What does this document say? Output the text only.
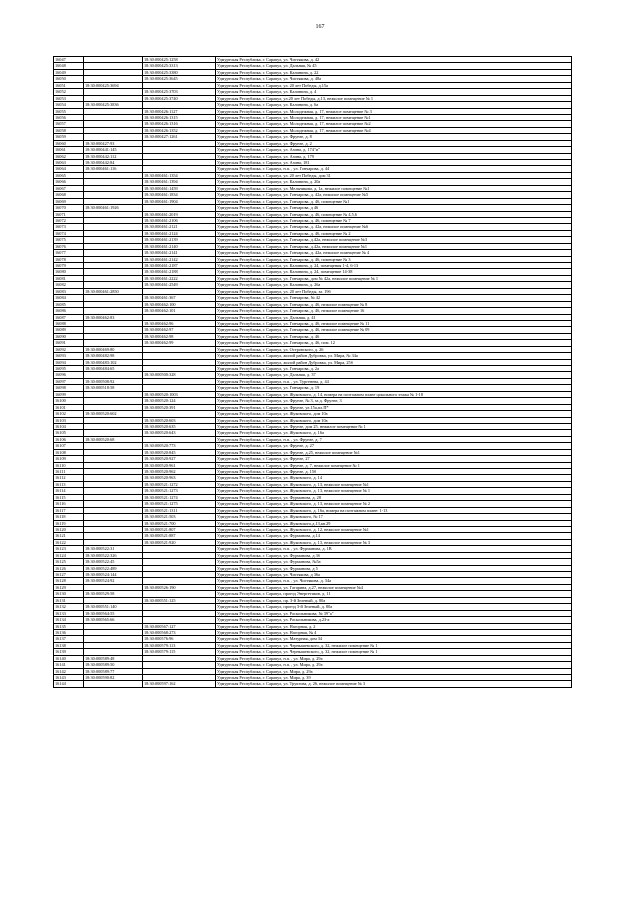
167
16047		18:30:000425:1258	Удмуртская Республика, г. Сарапул, ул. Чистякова, д. 42
16048		18:30:000425:3313	Удмуртская Республика, г. Сарапул, ул. Дальняя, № 45
16049		18:30:000425:3380	Удмуртская Республика, г. Сарапул, ул. Калинина, д. 22
16050		18:30:000425:3645	Удмуртская Республика, г. Сарапул, ул. Чистякова, д. 48а
16051	18:30:000425:3694		Удмуртская Республика, г. Сарапул, ул. 20 лет Победы, д.15а
16052		18:30:000425:3703	Удмуртская Республика, г. Сарапул, ул. Калинина, д. 4
16053		18:30:000425:3740	Удмуртская Республика, г. Сарапул, ул.20 лет Победы, д.13, нежилое помещение № 1
16054	18:30:000425:3836		Удмуртская Республика, г. Сарапул, ул. Калинина, д. 6а
16055		18:30:000426:1127	Удмуртская Республика, г. Сарапул, ул. Молодежная, д. 17, нежилое помещение № 3
16056		18:30:000426:1315	Удмуртская Республика, г. Сарапул, ул. Молодежная, д. 17, нежилое помещение №1
16057		18:30:000426:1316	Удмуртская Республика, г. Сарапул, ул. Молодежная, д. 17, нежилое помещение №2
16058		18:30:000426:1352	Удмуртская Республика, г. Сарапул, ул. Молодежная, д. 17, нежилое помещение №4
16059		18:30:000427:1261	Удмуртская Республика, г. Сарапул, ул. Фрунзе, д. 8
16060	18:30:000427:93		Удмуртская Республика, г. Сарапул, ул. Фрунзе, д. 2
16061	18:30:000441:145		Удмуртская Республика, г. Сарапул, ул. Азина, д. 174"и"
16062	18:30:000442:112		Удмуртская Республика, г. Сарапул, ул. Азина, д. 179
16063	18:30:000442:84		Удмуртская Республика, г. Сарапул, ул. Азина, 181
16064	18:30:000461:116		Удмуртская Республика, г. Сарапул, н.п. , ул. Гончарова, д. 44
16065		18:30:000461:1354	Удмуртская Республика, г. Сарапул, ул. 20 лет Победы, дом 31
16066		18:30:000461:1394	Удмуртская Республика, г. Сарапул, ул. Калинина, д. 20а
16067		18:30:000461:1459	Удмуртская Республика, г. Сарапул, ул. Мельникова, д. 1а, нежилое помещение №1
16068		18:30:000461:1834	Удмуртская Республика, г. Сарапул, ул. Гончарова, д. 42а, нежилое помещение №5
16069		18:30:000461:1904	Удмуртская Республика, г. Сарапул, ул. Гончарова, д. 46, помещение №1
16070	18:30:000461:1926		Удмуртская Республика, г. Сарапул, ул. Гончарова, д 46
16071		18:30:000461:2019	Удмуртская Республика, г. Сарапул, ул. Гончарова, д. 46, помещение № 4,5,6
16072		18:30:000461:2106	Удмуртская Республика, г. Сарапул, ул. Гончарова, д. 46, помещение № 7
16073		18:30:000461:2121	Удмуртская Республика, г. Сарапул, ул. Гончарова, д. 42а, нежилое помещение №6
16074		18:30:000461:2124	Удмуртская Республика, г. Сарапул, ул. Гончарова, д. 46, помещение № 2
16075		18:30:000461:2139	Удмуртская Республика, г. Сарапул, ул. Гончарова, д.42а, нежилое помещение №3
16076		18:30:000461:2140	Удмуртская Республика, г. Сарапул, ул. Гончарова, д.42а, нежилое помещение №1
16077		18:30:000461:2141	Удмуртская Республика, г. Сарапул, ул. Гончарова, д. 42а, нежилое помещение № 4
16078		18:30:000461:2142	Удмуртская Республика, г. Сарапул, ул. Гончарова, д. 46, помещение № 3
16079		18:30:000461:2187	Удмуртская Республика, г. Сарапул, ул. Калинина, д. 24, помещения 1-4, 6-13
16080		18:30:000461:2188	Удмуртская Республика, г. Сарапул, ул. Калинина, д. 24, помещение 14-38
16081		18:30:000461:2222	Удмуртская Республика, г. Сарапул, ул. Гончарова, дом № 42а, нежилое помещение № 1
16082		18:30:000461:2549	Удмуртская Республика, г. Сарапул, ул. Калинина, д. 26а
16083	18:30:000461:2850		Удмуртская Республика, г. Сарапул, ул. 20 лет Победы, за. 19б
16084		18:30:000461:367	Удмуртская Республика, г. Сарапул, ул. Гончарова, № 42
16085		18:30:000462:100	Удмуртская Республика, г. Сарапул, ул. Гончарова, д. 46, нежилое помещение № 8
16086		18:30:000462:101	Удмуртская Республика, г. Сарапул, ул. Гончарова, д. 46, нежилое помещение 16
16087	18:30:000462:83		Удмуртская Республика, г. Сарапул, ул. Дальняя, д. 41
16088		18:30:000462:96	Удмуртская Республика, г. Сарапул, ул. Гончарова, д. 46, нежилое помещение № 11
16089		18:30:000462:97	Удмуртская Республика, г. Сарапул, ул. Гончарова, д. 46, нежилое помещение № 09
16090		18:30:000462:98	Удмуртская Республика, г. Сарапул, ул. Гончарова, д. 46
16091		18:30:000462:99	Удмуртская Республика, г. Сарапул, ул. Гончарова, д. 46, пом. 12
16092	18:30:000469:80		Удмуртская Республика, г. Сарапул, ул. Островского, д. 26
16093	18:30:000482:98		Удмуртская Республика, г. Сарапул, жилой район Дубровка, ул. Мира, № 34а
16094	18:30:000483:102		Удмуртская Республика, г. Сарапул, жилой район Дубровка, ул. Мира, 25б
16095	18:30:000484:65		Удмуртская Республика, г. Сарапул, ул. Гончарова, д. 2а
16096		18:30:000500:328	Удмуртская Республика, г. Сарапул, ул. Дальняя, д. 37
16097	18:30:000508:92		Удмуртская Республика, г. Сарапул, н.п. , ул. Тургенева, д. 44
16098	18:30:000518:58		Удмуртская Республика, г. Сарапул, ул. Гончарова, д. 19
16099		18:30:000520:1003	Удмуртская Республика, г. Сарапул, ул. Жуковского, д. 14, номера на поэтажном плане цокольного этажа № 1-18
16100		18:30:000520:124	Удмуртская Республика, г. Сарапул, ул. Фрунзе, № 3, за д. Фрунзе, 3
16101		18:30:000520:391	Удмуртская Республика, г. Сарапул, ул. Фрунзе, ул.15а,пл.П*
16102	18:30:000520:602		Удмуртская Республика, г. Сарапул, ул. Жуковского, дом 10а
16103		18:30:000520:603	Удмуртская Республика, г. Сарапул, ул. Жуковского, дом 10а
16104		18:30:000520:635	Удмуртская Республика, г. Сарапул, ул. Фрунзе, дом 25, нежилое помещение № 1
16105		18:30:000520:643	Удмуртская Республика, г. Сарапул, ул. Жуковского, д. 16а
16106	18:30:000520:68		Удмуртская Республика, г. Сарапул, н.п. , ул. Фрунзе, д. 7
16107		18:30:000520:773	Удмуртская Республика, г. Сарапул, ул. Фрунзе, д. 27
16108		18:30:000520:845	Удмуртская Республика, г. Сарапул, ул. Фрунзе, д.25, нежилое помещение №1
16109		18:30:000520:927	Удмуртская Республика, г. Сарапул, ул. Фрунзе, 27
16110		18:30:000520:961	Удмуртская Республика, г. Сарапул, ул. Фрунзе, д. 7, нежилое помещение № 1
16111		18:30:000520:962	Удмуртская Республика, г. Сарапул, ул. Фрунзе, д. 15б
16112		18:30:000520:963	Удмуртская Республика, г. Сарапул, ул. Жуковского, д. 14
16113		18:30:000521:1272	Удмуртская Республика, г. Сарапул, ул. Жуковского, д. 13, нежилое помещение №1
16114		18:30:000521:1273	Удмуртская Республика, г. Сарапул, ул. Жуковского, д. 13, нежилое помещение № 1
16115		18:30:000521:1274	Удмуртская Республика, г. Сарапул, ул. Фурманова, д. 28
16116		18:30:000521:1275	Удмуртская Республика, г. Сарапул, ул. Жуковского, д. 13, нежилое помещение № 2
16117		18:30:000521:1311	Удмуртская Республика, г. Сарапул, ул. Жуковского, д. 16а, номера на поэтажном плане: 1-13
16118		18:30:000521:503	Удмуртская Республика, г. Сарапул, ул. Жуковского, № 17
16119		18:30:000521:700	Удмуртская Республика, г. Сарапул, ул. Жуковского,д.13,кв.29
16120		18:30:000521:807	Удмуртская Республика, г. Сарапул, ул. Жуковского, д. 12, нежилое помещение №1
16121		18:30:000521:887	Удмуртская Республика, г. Сарапул, ул. Фурманова, д.14
16122		18:30:000521:920	Удмуртская Республика, г. Сарапул, ул. Жуковского, д. 13, нежилое помещение № 3
16123	18:30:000522:31		Удмуртская Республика, г. Сарапул, н.п. , ул. Фурманова, д. 1В
16124	18:30:000522:326		Удмуртская Республика, г. Сарапул, ул. Фурманова, д 3б
16125	18:30:000522:45		Удмуртская Республика, г. Сарапул, ул. Фурманова, №5а
16126	18:30:000522:489		Удмуртская Республика, г. Сарапул, ул. Фурманова, д 5
16127	18:30:000524:144		Удмуртская Республика, г. Сарапул, ул. Чистякова, д 36а
16128	18:30:000524:92		Удмуртская Республика, г. Сарапул, н.п. , ул. Чистякова, д. 34а
16129		18:30:000526:190	Удмуртская Республика, г. Сарапул, ул. Гагарина, д.27, нежилое помещение №4
16130	18:30:000529:58		Удмуртская Республика, г. Сарапул, проезд Энергетиков, д. 11
16131		18:30:000551:125	Удмуртская Республика, г. Сарапул, пр. 3-й Зеленый, д. 80а
16132	18:30:000551:140		Удмуртская Республика, г. Сарапул, проезд 3-й Зеленый, д. 80а
16133	18:30:000564:55		Удмуртская Республика, г. Сарапул, ул. Раскольникова, № 39"а"
16134	18:30:000565:66		Удмуртская Республика, г. Сарапул, ул. Раскольникова, д.23-а
16135		18:30:000567:127	Удмуртская Республика, г. Сарапул, ул. Нагорная, д. 2
16136		18:30:000568:273	Удмуртская Республика, г. Сарапул, ул. Нагорная, № 4
16137		18:30:000576:96	Удмуртская Республика, г. Сарапул, ул. Матурная, дом 34
16138		18:30:000579:113	Удмуртская Республика, г. Сарапул, ул. Чернышевского, д. 32, нежилое помещение № 1
16139		18:30:000579:115	Удмуртская Республика, г. Сарапул, ул. Чернышевского, д. 32, нежилое помещение № 1
16140	18:30:000589:48		Удмуртская Республика, г. Сарапул, н.п. , ул. Мира, д. 29а
16141	18:30:000589:50		Удмуртская Республика, г. Сарапул, н.п. , ул. Мира, д. 29а
16142	18:30:000589:77		Удмуртская Республика, г. Сарапул, ул. Мира, д. 29а
16143	18:30:000590:82		Удмуртская Республика, г. Сарапул, ул. Мира, д. 39
16144		18:30:000597:162	Удмуртская Республика, г. Сарапул, ул. Труктова, д. 26, нежилое помещение № 3
